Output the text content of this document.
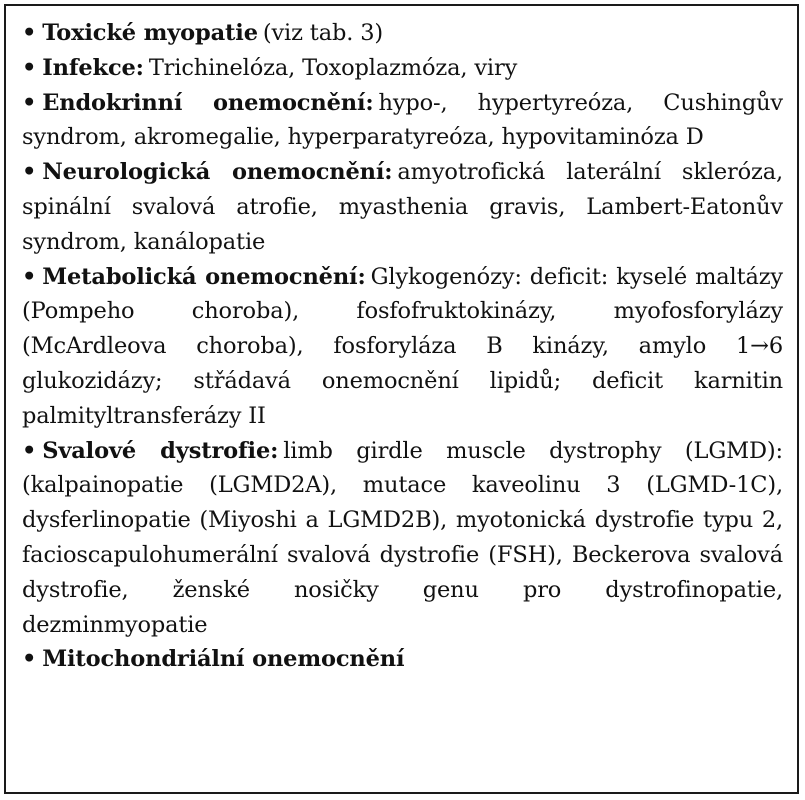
• Toxické myopatie (viz tab. 3)
• Infekce: Trichinelóza, Toxoplazmóza, viry
• Endokrinní onemocnění: hypo-, hypertyreóza, Cushingův syndrom, akromegalie, hyperparatyreóza, hypovitaminóza D
• Neurologická onemocnění: amyotrofická laterální skleróza, spinální svalová atrofie, myasthenia gravis, Lambert-Eatonův syndrom, kanálopatie
• Metabolická onemocnění: Glykogenózy: deficit: kyselé maltázy (Pompeho choroba), fosfofruktokinázy, myofosforylázy (McArdleova choroba), fosforyláza B kinázy, amylo 1→6 glukozidázy; střádavá onemocnění lipidů; deficit karnitin palmityltransferázy II
• Svalové dystrofie: limb girdle muscle dystrophy (LGMD): (kalpainopatie (LGMD2A), mutace kaveolinu 3 (LGMD-1C), dysferlinopatie (Miyoshi a LGMD2B), myotonická dystrofie typu 2, facioscapulohumerální svalová dystrofie (FSH), Beckerova svalová dystrofie, ženské nosičky genu pro dystrofinopatie, dezminmyopatie
• Mitochondriální onemocnění
